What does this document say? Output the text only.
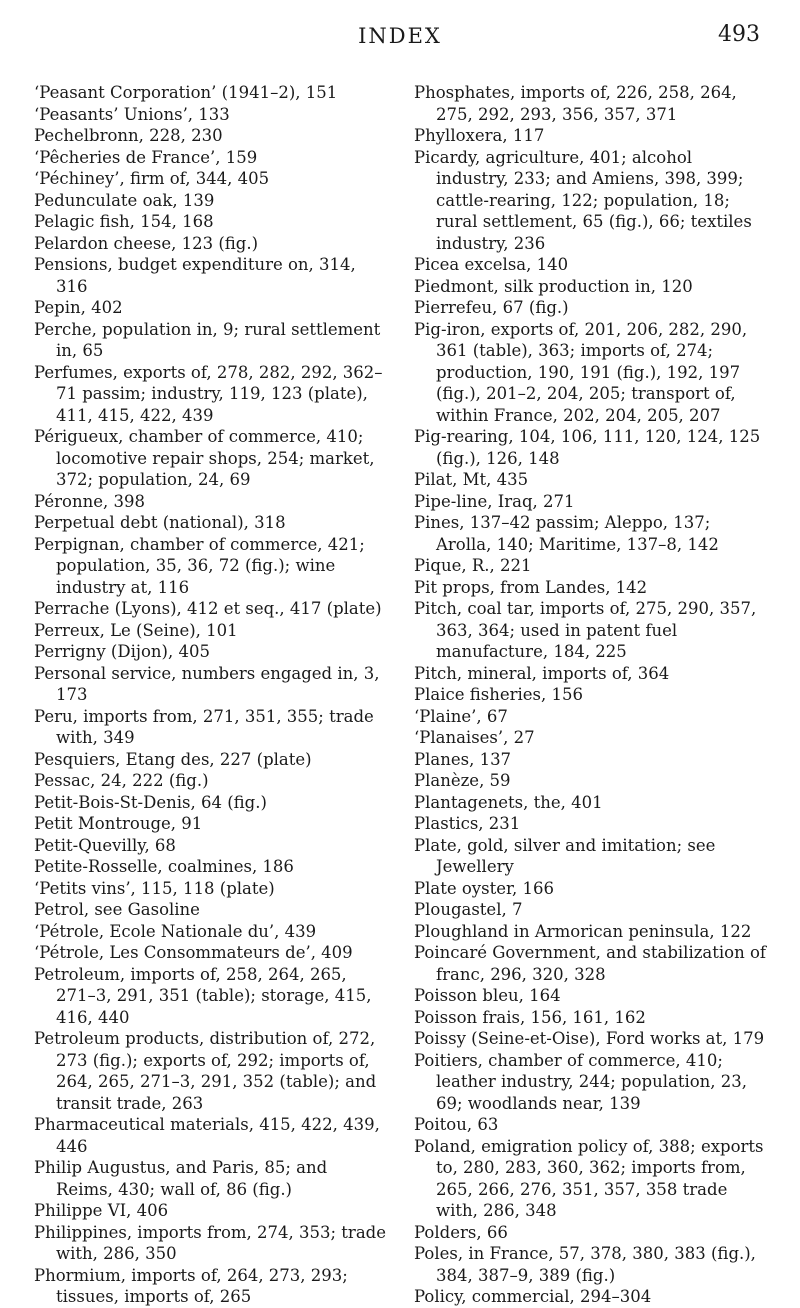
INDEX	493

‘Peasant Corporation’ (1941–2), 151

‘Peasants’ Unions’, 133

Pechelbronn, 228, 230

‘Pêcheries de France’, 159

‘Péchiney’, firm of, 344, 405

Pedunculate oak, 139

Pelagic fish, 154, 168

Pelardon cheese, 123 (fig.)

Pensions, budget expenditure on, 314, 316

Pepin, 402

Perche, population in, 9; rural settlement in, 65

Perfumes, exports of, 278, 282, 292, 362–71 passim; industry, 119, 123 (plate), 411, 415, 422, 439

Périgueux, chamber of commerce, 410; locomotive repair shops, 254; market, 372; population, 24, 69

Péronne, 398

Perpetual debt (national), 318

Perpignan, chamber of commerce, 421; population, 35, 36, 72 (fig.); wine industry at, 116

Perrache (Lyons), 412 et seq., 417 (plate)

Perreux, Le (Seine), 101

Perrigny (Dijon), 405

Personal service, numbers engaged in, 3, 173

Peru, imports from, 271, 351, 355; trade with, 349

Pesquiers, Etang des, 227 (plate)

Pessac, 24, 222 (fig.)

Petit-Bois-St-Denis, 64 (fig.)

Petit Montrouge, 91

Petit-Quevilly, 68

Petite-Rosselle, coalmines, 186

‘Petits vins’, 115, 118 (plate)

Petrol, see Gasoline

‘Pétrole, Ecole Nationale du’, 439

‘Pétrole, Les Consommateurs de’, 409

Petroleum, imports of, 258, 264, 265, 271–3, 291, 351 (table); storage, 415, 416, 440

Petroleum products, distribution of, 272, 273 (fig.); exports of, 292; imports of, 264, 265, 271–3, 291, 352 (table); and transit trade, 263

Pharmaceutical materials, 415, 422, 439, 446

Philip Augustus, and Paris, 85; and Reims, 430; wall of, 86 (fig.)

Philippe VI, 406

Philippines, imports from, 274, 353; trade with, 286, 350

Phormium, imports of, 264, 273, 293; tissues, imports of, 265

Phosphates, imports of, 226, 258, 264, 275, 292, 293, 356, 357, 371

Phylloxera, 117

Picardy, agriculture, 401; alcohol industry, 233; and Amiens, 398, 399; cattle-rearing, 122; population, 18; rural settlement, 65 (fig.), 66; textiles industry, 236

Picea excelsa, 140

Piedmont, silk production in, 120

Pierrefeu, 67 (fig.)

Pig-iron, exports of, 201, 206, 282, 290, 361 (table), 363; imports of, 274; production, 190, 191 (fig.), 192, 197 (fig.), 201–2, 204, 205; transport of, within France, 202, 204, 205, 207

Pig-rearing, 104, 106, 111, 120, 124, 125 (fig.), 126, 148

Pilat, Mt, 435

Pipe-line, Iraq, 271

Pines, 137–42 passim; Aleppo, 137; Arolla, 140; Maritime, 137–8, 142

Pique, R., 221

Pit props, from Landes, 142

Pitch, coal tar, imports of, 275, 290, 357, 363, 364; used in patent fuel manufacture, 184, 225

Pitch, mineral, imports of, 364

Plaice fisheries, 156

‘Plaine’, 67

‘Planaises’, 27

Planes, 137

Planèze, 59

Plantagenets, the, 401

Plastics, 231

Plate, gold, silver and imitation; see Jewellery

Plate oyster, 166

Plougastel, 7

Ploughland in Armorican peninsula, 122

Poincaré Government, and stabilization of franc, 296, 320, 328

Poisson bleu, 164

Poisson frais, 156, 161, 162

Poissy (Seine-et-Oise), Ford works at, 179

Poitiers, chamber of commerce, 410; leather industry, 244; population, 23, 69; woodlands near, 139

Poitou, 63

Poland, emigration policy of, 388; exports to, 280, 283, 360, 362; imports from, 265, 266, 276, 351, 357, 358 trade with, 286, 348

Polders, 66

Poles, in France, 57, 378, 380, 383 (fig.), 384, 387–9, 389 (fig.)

Policy, commercial, 294–304
